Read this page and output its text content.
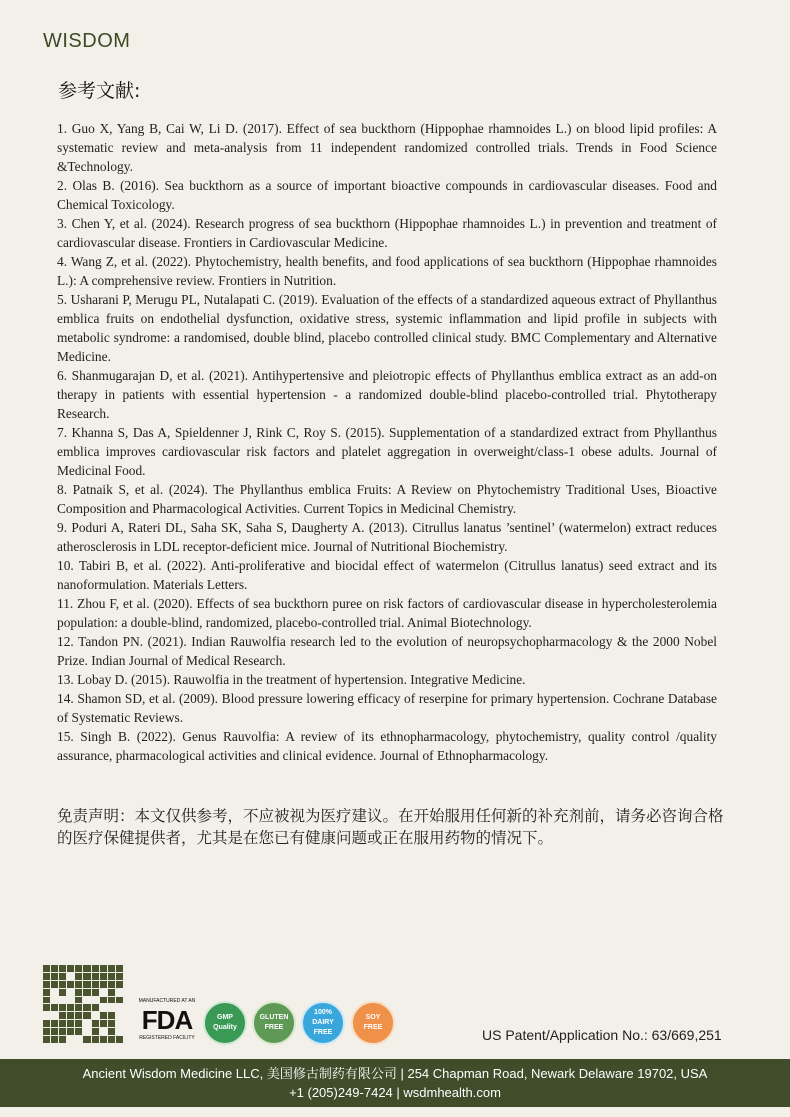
WISDOM
参考文献:
1. Guo X, Yang B, Cai W, Li D. (2017). Effect of sea buckthorn (Hippophae rhamnoides L.) on blood lipid profiles: A systematic review and meta-analysis from 11 independent randomized controlled trials. Trends in Food Science &Technology.
2. Olas B. (2016). Sea buckthorn as a source of important bioactive compounds in cardiovascular diseases. Food and Chemical Toxicology.
3. Chen Y, et al. (2024). Research progress of sea buckthorn (Hippophae rhamnoides L.) in prevention and treatment of cardiovascular disease. Frontiers in Cardiovascular Medicine.
4. Wang Z, et al. (2022). Phytochemistry, health benefits, and food applications of sea buckthorn (Hippophae rhamnoides L.): A comprehensive review. Frontiers in Nutrition.
5. Usharani P, Merugu PL, Nutalapati C. (2019). Evaluation of the effects of a standardized aqueous extract of Phyllanthus emblica fruits on endothelial dysfunction, oxidative stress, systemic inflammation and lipid profile in subjects with metabolic syndrome: a randomised, double blind, placebo controlled clinical study. BMC Complementary and Alternative Medicine.
6. Shanmugarajan D, et al. (2021). Antihypertensive and pleiotropic effects of Phyllanthus emblica extract as an add-on therapy in patients with essential hypertension - a randomized double-blind placebo-controlled trial. Phytotherapy Research.
7. Khanna S, Das A, Spieldenner J, Rink C, Roy S. (2015). Supplementation of a standardized extract from Phyllanthus emblica improves cardiovascular risk factors and platelet aggregation in overweight/class-1 obese adults. Journal of Medicinal Food.
8. Patnaik S, et al. (2024). The Phyllanthus emblica Fruits: A Review on Phytochemistry Traditional Uses, Bioactive Composition and Pharmacological Activities. Current Topics in Medicinal Chemistry.
9. Poduri A, Rateri DL, Saha SK, Saha S, Daugherty A. (2013). Citrullus lanatus ’sentinel’ (watermelon) extract reduces atherosclerosis in LDL receptor-deficient mice. Journal of Nutritional Biochemistry.
10. Tabiri B, et al. (2022). Anti-proliferative and biocidal effect of watermelon (Citrullus lanatus) seed extract and its nanoformulation. Materials Letters.
11. Zhou F, et al. (2020). Effects of sea buckthorn puree on risk factors of cardiovascular disease in hypercholesterolemia population: a double-blind, randomized, placebo-controlled trial. Animal Biotechnology.
12. Tandon PN. (2021). Indian Rauwolfia research led to the evolution of neuropsychopharmacology & the 2000 Nobel Prize. Indian Journal of Medical Research.
13. Lobay D. (2015). Rauwolfia in the treatment of hypertension. Integrative Medicine.
14. Shamon SD, et al. (2009). Blood pressure lowering efficacy of reserpine for primary hypertension. Cochrane Database of Systematic Reviews.
15. Singh B. (2022). Genus Rauvolfia: A review of its ethnopharmacology, phytochemistry, quality control /quality assurance, pharmacological activities and clinical evidence. Journal of Ethnopharmacology.
免责声明：本文仅供参考，不应被视为医疗建议。在开始服用任何新的补充剂前，请务必咨询合格的医疗保健提供者，尤其是在您已有健康问题或正在服用药物的情况下。
MANUFACTURED AT AN
FDA
REGISTERED FACILITY
GMP Quality
GLUTEN FREE
100% DAIRY FREE
SOY FREE	US Patent/Application No.: 63/669,251
Ancient Wisdom Medicine LLC, 美国修古制药有限公司 | 254 Chapman Road, Newark Delaware 19702, USA
+1 (205)249-7424 | wsdmhealth.com
